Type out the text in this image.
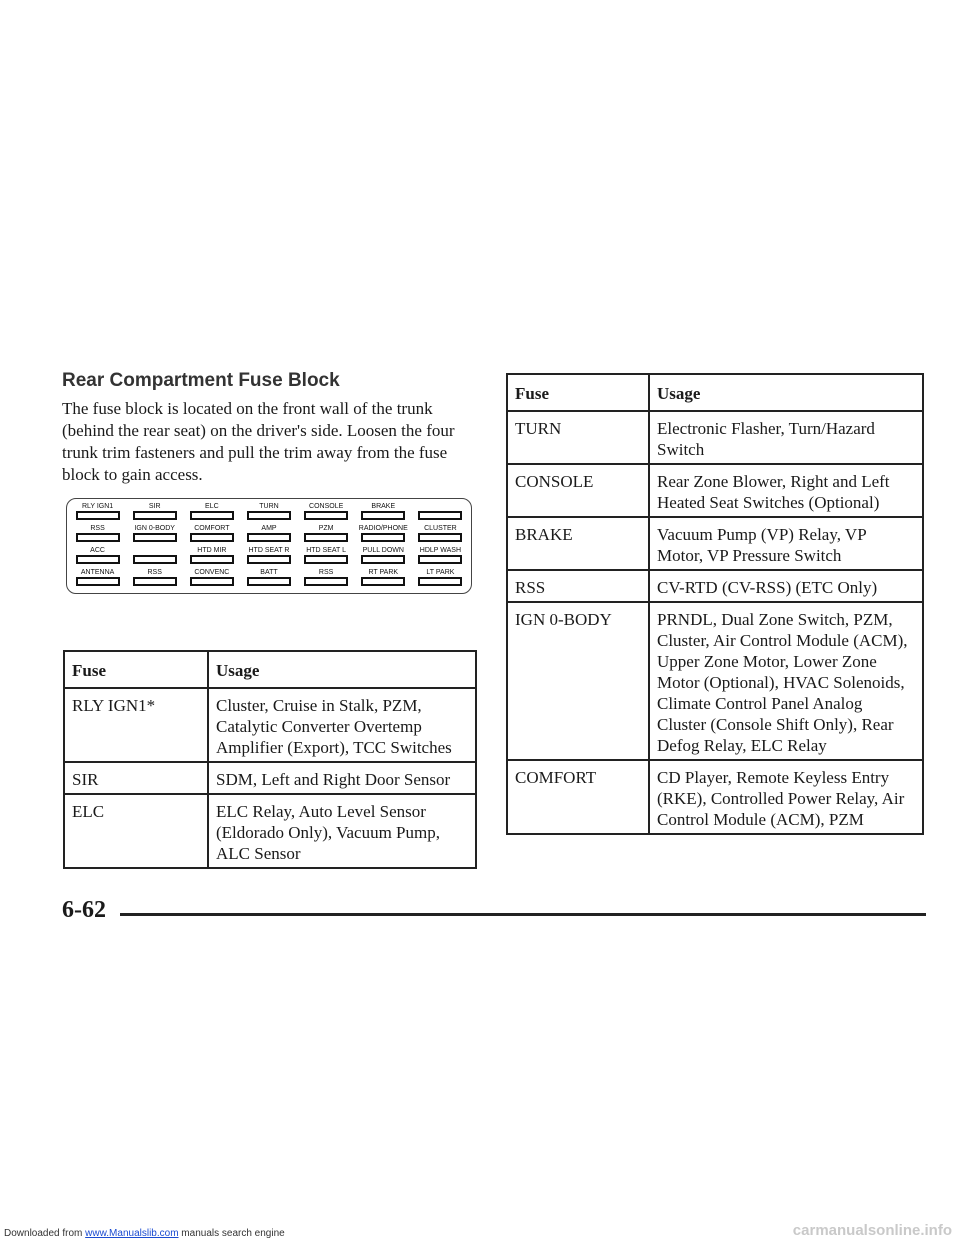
Rear Compartment Fuse Block
The fuse block is located on the front wall of the trunk (behind the rear seat) on the driver's side. Loosen the four trunk trim fasteners and pull the trim away from the fuse block to gain access.
RLY IGN1	SIR	ELC	TURN	CONSOLE	BRAKE

RSS	IGN 0-BODY	COMFORT	AMP	PZM	RADIO/PHONE CLUSTER
ACC
	HTD MIR	HTD SEAT R HTD SEAT L PULL DOWN HDLP WASH
ANTENNA	RSS	CONVENC	BATT	RSS	RT PARK	LT PARK
Fuse	Usage
RLY IGN1*	Cluster, Cruise in Stalk, PZM, Catalytic Converter Overtemp Amplifier (Export), TCC Switches
SIR	SDM, Left and Right Door Sensor
ELC	ELC Relay, Auto Level Sensor (Eldorado Only), Vacuum Pump, ALC Sensor
Fuse	Usage
TURN	Electronic Flasher, Turn/Hazard Switch
CONSOLE	Rear Zone Blower, Right and Left Heated Seat Switches (Optional)
BRAKE	Vacuum Pump (VP) Relay, VP Motor, VP Pressure Switch
RSS	CV-RTD (CV-RSS) (ETC Only)
IGN 0-BODY	PRNDL, Dual Zone Switch, PZM, Cluster, Air Control Module (ACM), Upper Zone Motor, Lower Zone Motor (Optional), HVAC Solenoids, Climate Control Panel Analog Cluster (Console Shift Only), Rear Defog Relay, ELC Relay
COMFORT	CD Player, Remote Keyless Entry (RKE), Controlled Power Relay, Air Control Module (ACM), PZM
6-62
Downloaded from www.Manualslib.com manuals search engine	carmanualsonline.info
